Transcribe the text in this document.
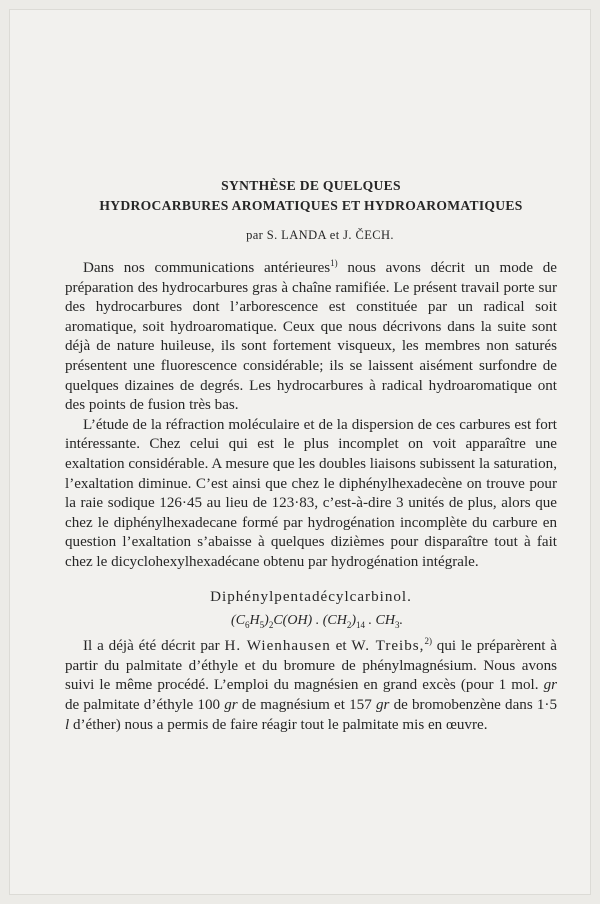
SYNTHÈSE DE QUELQUES
HYDROCARBURES AROMATIQUES ET HYDROAROMATIQUES

par S. LANDA et J. ČECH.

Dans nos communications antérieures$^{1)}$ nous avons décrit un mode de préparation des hydrocarbures gras à chaîne ramifiée. Le présent travail porte sur des hydrocarbures dont l’arborescence est constituée par un radical soit aromatique, soit hydroaromatique. Ceux que nous décrivons dans la suite sont déjà de nature huileuse, ils sont fortement visqueux, les membres non saturés présentent une fluorescence considérable; ils se laissent aisément surfondre de quelques dizaines de degrés. Les hydrocarbures à radical hydroaromatique ont des points de fusion très bas.

L’étude de la réfraction moléculaire et de la dispersion de ces carbures est fort intéressante. Chez celui qui est le plus incomplet on voit apparaître une exaltation considérable. A mesure que les doubles liaisons subissent la saturation, l’exaltation diminue. C’est ainsi que chez le diphénylhexadecène on trouve pour la raie sodique 126·45 au lieu de 123·83, c’est-à-dire 3 unités de plus, alors que chez le diphénylhexadecane formé par hydrogénation incomplète du carbure en question l’exaltation s’abaisse à quelques dizièmes pour disparaître tout à fait chez le dicyclohexylhexadécane obtenu par hydrogénation intégrale.

Diphénylpentadécylcarbinol.

$(C_6H_5)_2C(OH)$ . $(CH_2)_{14}$ . $CH_3$.

Il a déjà été décrit par H. Wienhausen et W. Treibs,$^{2)}$ qui le préparèrent à partir du palmitate d’éthyle et du bromure de phénylmagnésium. Nous avons suivi le même procédé. L’emploi du magnésien en grand excès (pour 1 mol. gr de palmitate d’éthyle 100 gr de magnésium et 157 gr de bromobenzène dans 1·5 l d’éther) nous a permis de faire réagir tout le palmitate mis en œuvre.
